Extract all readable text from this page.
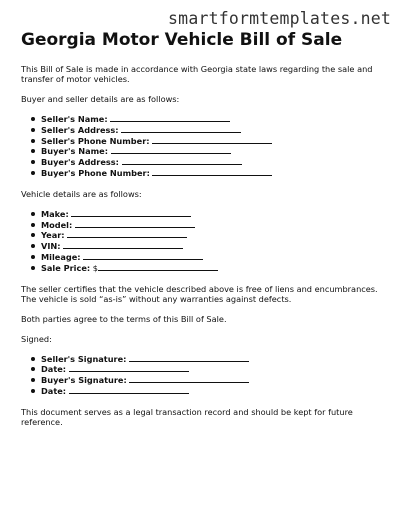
smartformtemplates.net
Georgia Motor Vehicle Bill of Sale

This Bill of Sale is made in accordance with Georgia state laws regarding the sale and transfer of motor vehicles.

Buyer and seller details are as follows:

Seller's Name:
Seller's Address:
Seller's Phone Number:
Buyer's Name:
Buyer's Address:
Buyer's Phone Number:

Vehicle details are as follows:

Make:
Model:
Year:
VIN:
Mileage:
Sale Price: $

The seller certifies that the vehicle described above is free of liens and encumbrances. The vehicle is sold “as-is” without any warranties against defects.

Both parties agree to the terms of this Bill of Sale.

Signed:

Seller's Signature:
Date:
Buyer's Signature:
Date:

This document serves as a legal transaction record and should be kept for future reference.
